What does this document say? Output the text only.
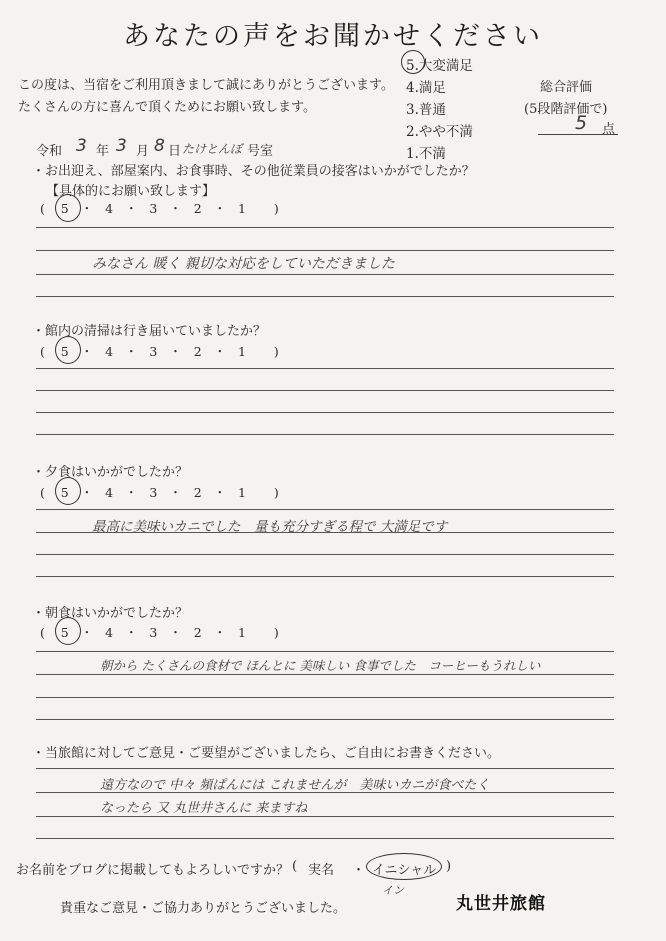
あなたの声をお聞かせください
この度は、当宿をご利用頂きまして誠にありがとうございます。
たくさんの方に喜んで頂くためにお願い致します。
5.大変満足
4.満足
3.普通
2.やや不満
1.不満
総合評価
(5段階評価で)
5 点
令和 3 年 3 月 8 日 たけとんぼ 号室
・お出迎え、部屋案内、お食事時、その他従業員の接客はいかがでしたか？
【具体的にお願い致します】
( 5 ・ 4 ・ 3 ・ 2 ・ 1 )
みなさん 暖く 親切な対応をしていただきました
・館内の清掃は行き届いていましたか？
( 5 ・ 4 ・ 3 ・ 2 ・ 1 )
・夕食はいかがでしたか？
( 5 ・ 4 ・ 3 ・ 2 ・ 1 )
最高に美味いカニでした　量も充分すぎる程で 大満足です
・朝食はいかがでしたか？
( 5 ・ 4 ・ 3 ・ 2 ・ 1 )
朝から たくさんの食材で ほんとに 美味しい 食事でした　コーヒーもうれしい
・当旅館に対してご意見・ご要望がございましたら、ご自由にお書きください。
遠方なので 中々 頻ぱんには これませんが　美味いカニが食べたく
なったら 又 丸世井さんに 来ますね
お名前をブログに掲載してもよろしいですか？ ( 実名 ・ イニシャル )
イン
貴重なご意見・ご協力ありがとうございました。	丸世井旅館
